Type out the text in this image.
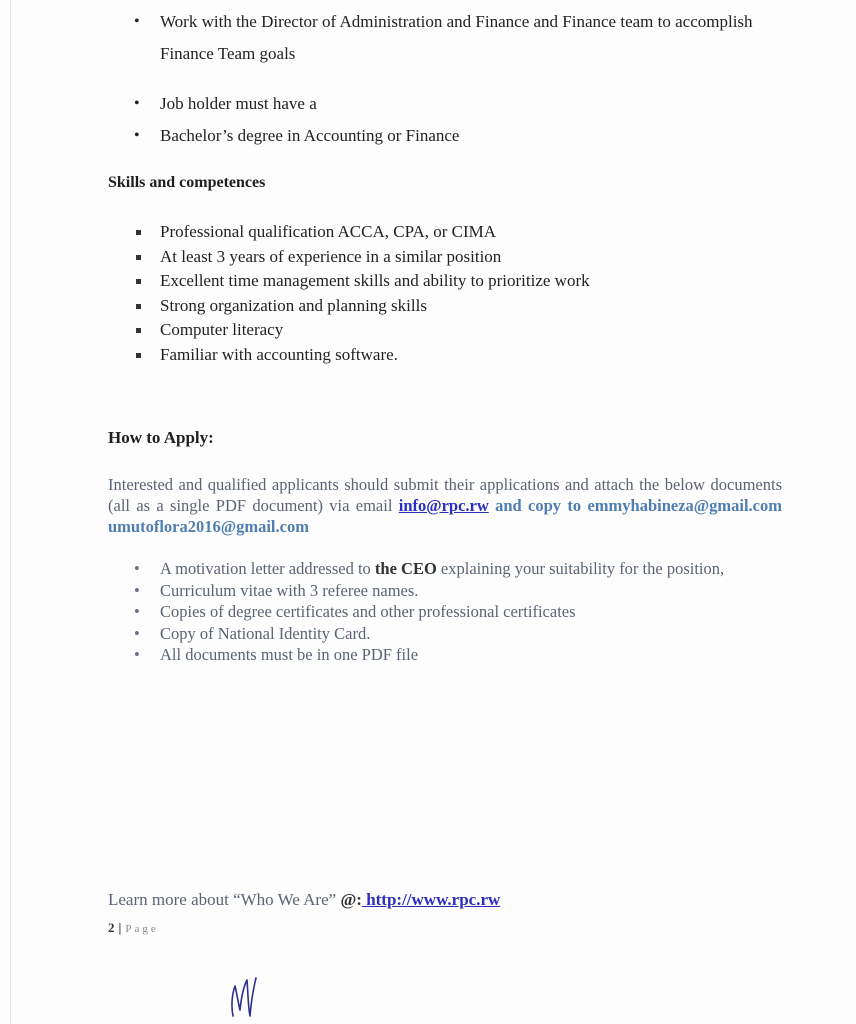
• Work with the Director of Administration and Finance and Finance team to accomplish Finance Team goals
• Job holder must have a
• Bachelor’s degree in Accounting or Finance
Skills and competences
Professional qualification ACCA, CPA, or CIMA
At least 3 years of experience in a similar position
Excellent time management skills and ability to prioritize work
Strong organization and planning skills
Computer literacy
Familiar with accounting software.
How to Apply:
Interested and qualified applicants should submit their applications and attach the below documents (all as a single PDF document) via email info@rpc.rw and copy to emmyhabineza@gmail.com umutoflora2016@gmail.com
• A motivation letter addressed to the CEO explaining your suitability for the position,
• Curriculum vitae with 3 referee names.
• Copies of degree certificates and other professional certificates
• Copy of National Identity Card.
• All documents must be in one PDF file
Learn more about “Who We Are” @: http://www.rpc.rw
2 | Page
